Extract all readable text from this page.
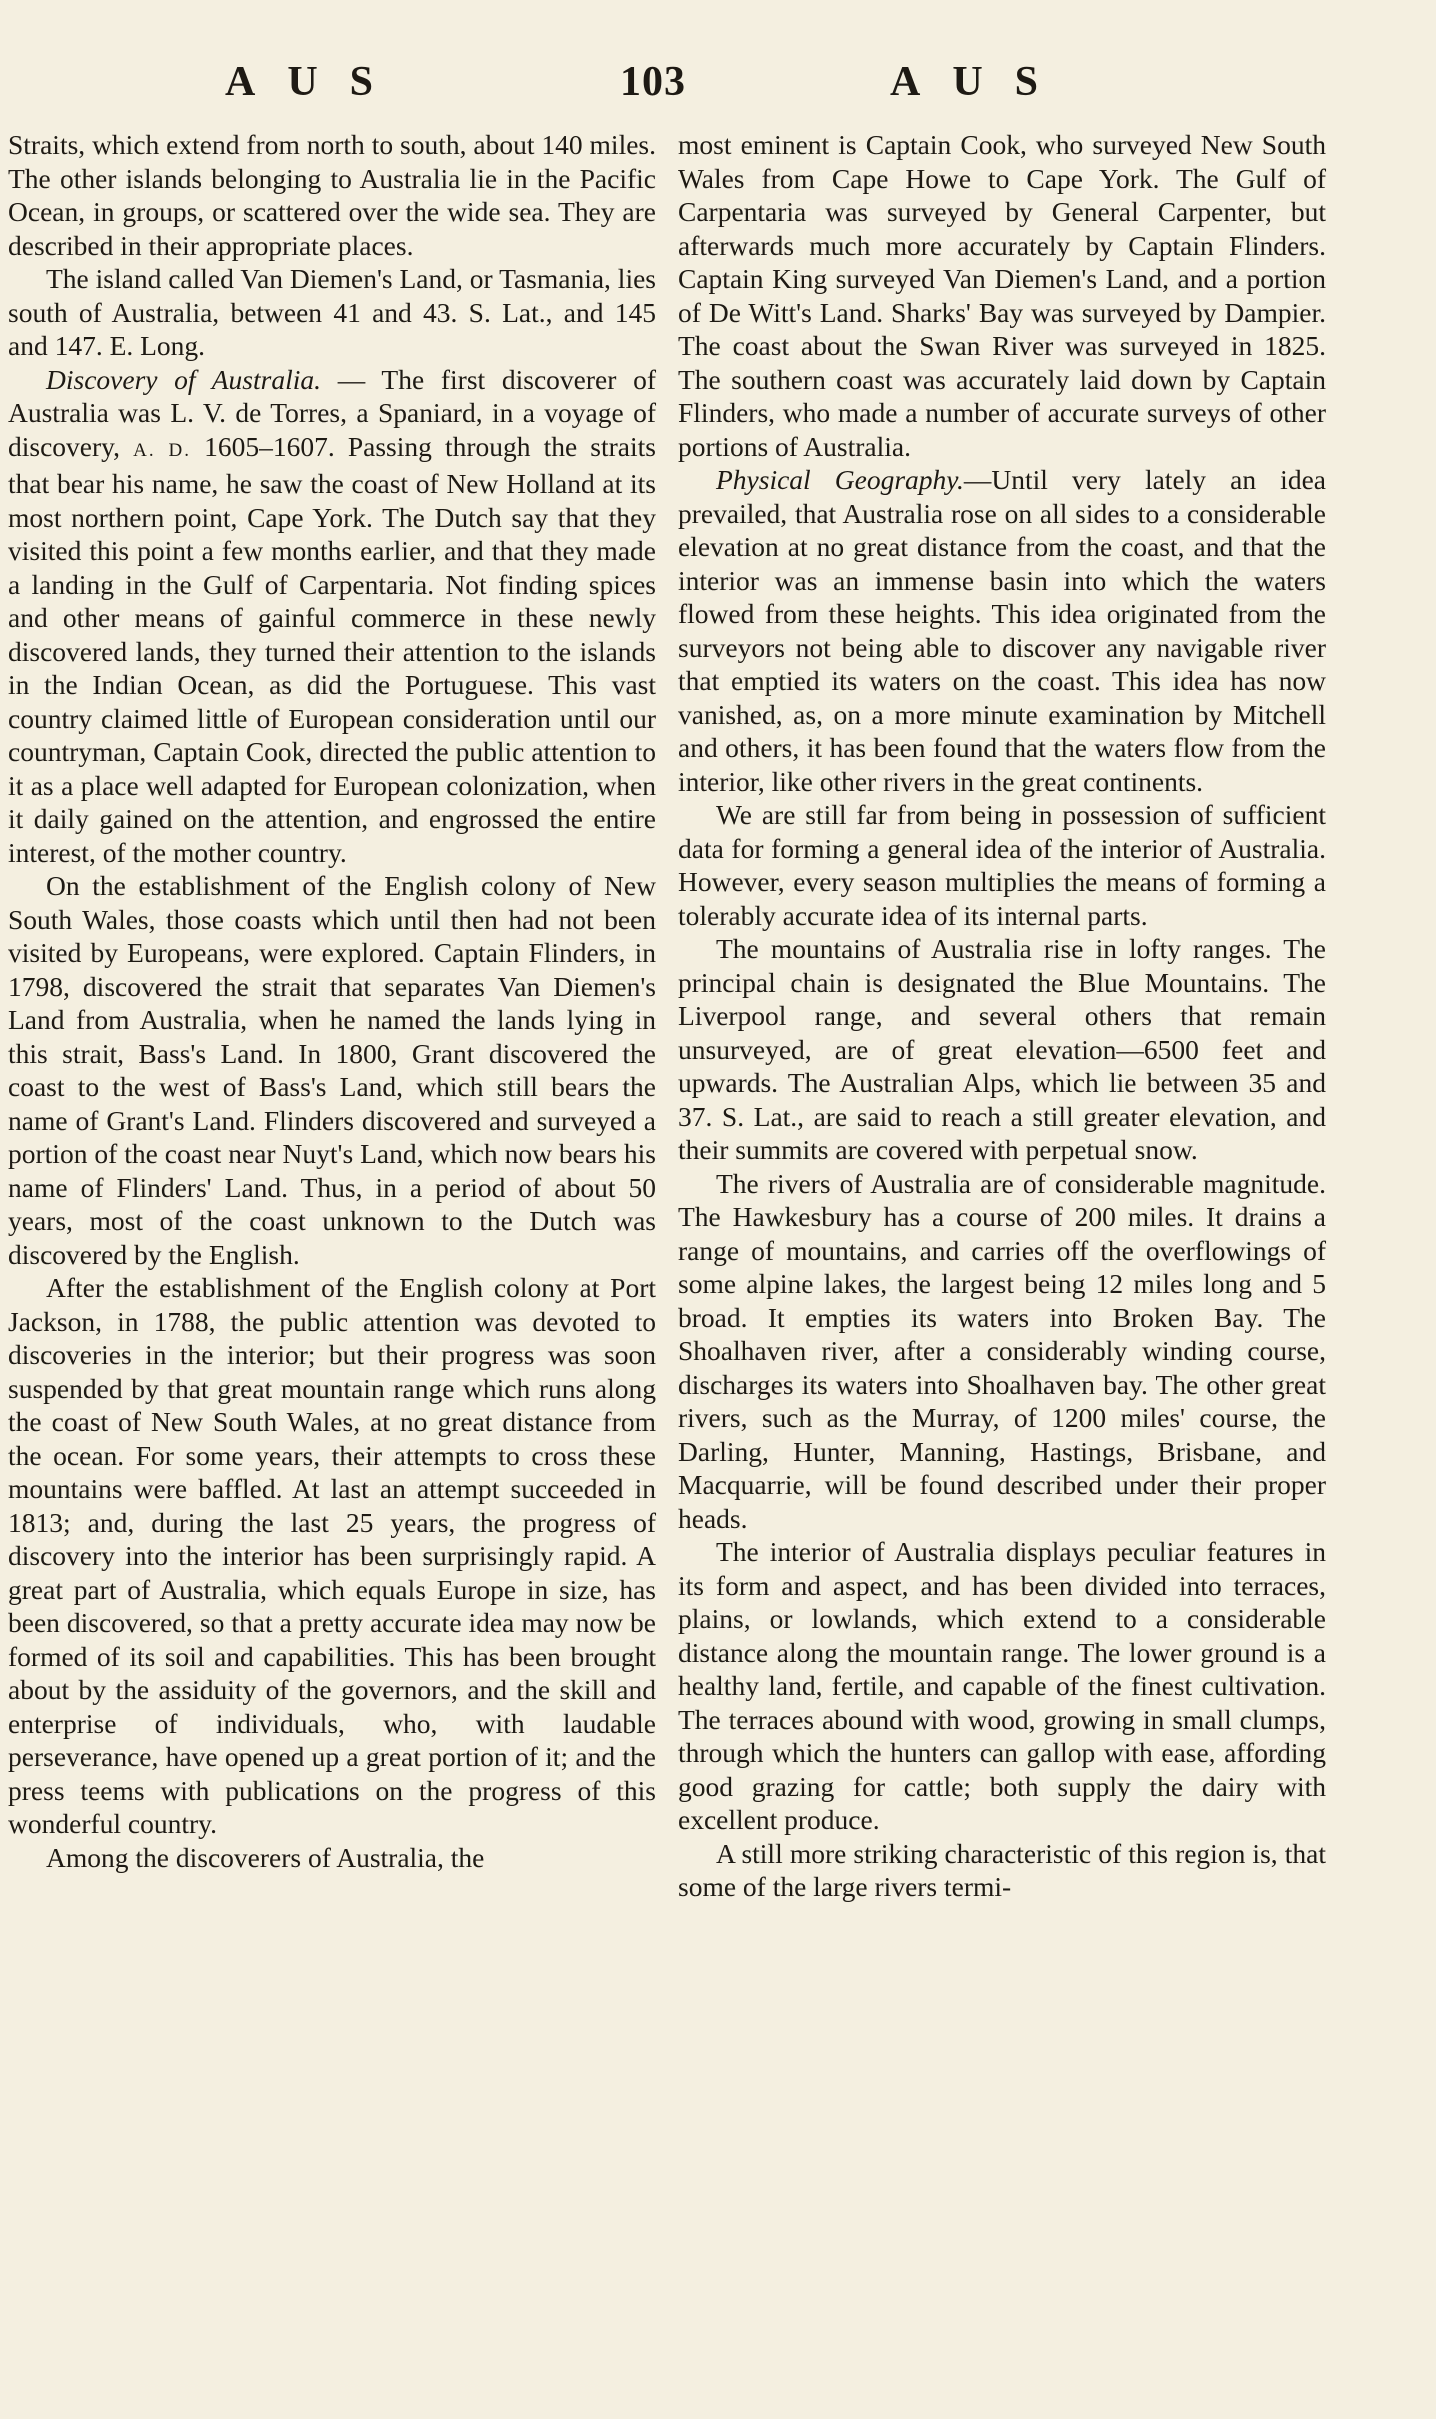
AUS	103	AUS

Straits, which extend from north to south, about 140 miles. The other islands belonging to Australia lie in the Pacific Ocean, in groups, or scattered over the wide sea. They are described in their appropriate places.

The island called Van Diemen's Land, or Tasmania, lies south of Australia, between 41 and 43. S. Lat., and 145 and 147. E. Long.

Discovery of Australia. — The first discoverer of Australia was L. V. de Torres, a Spaniard, in a voyage of discovery, A. D. 1605–1607. Passing through the straits that bear his name, he saw the coast of New Holland at its most northern point, Cape York. The Dutch say that they visited this point a few months earlier, and that they made a landing in the Gulf of Carpentaria. Not finding spices and other means of gainful commerce in these newly discovered lands, they turned their attention to the islands in the Indian Ocean, as did the Portuguese. This vast country claimed little of European consideration until our countryman, Captain Cook, directed the public attention to it as a place well adapted for European colonization, when it daily gained on the attention, and engrossed the entire interest, of the mother country.

On the establishment of the English colony of New South Wales, those coasts which until then had not been visited by Europeans, were explored. Captain Flinders, in 1798, discovered the strait that separates Van Diemen's Land from Australia, when he named the lands lying in this strait, Bass's Land. In 1800, Grant discovered the coast to the west of Bass's Land, which still bears the name of Grant's Land. Flinders discovered and surveyed a portion of the coast near Nuyt's Land, which now bears his name of Flinders' Land. Thus, in a period of about 50 years, most of the coast unknown to the Dutch was discovered by the English.

After the establishment of the English colony at Port Jackson, in 1788, the public attention was devoted to discoveries in the interior; but their progress was soon suspended by that great mountain range which runs along the coast of New South Wales, at no great distance from the ocean. For some years, their attempts to cross these mountains were baffled. At last an attempt succeeded in 1813; and, during the last 25 years, the progress of discovery into the interior has been surprisingly rapid. A great part of Australia, which equals Europe in size, has been discovered, so that a pretty accurate idea may now be formed of its soil and capabilities. This has been brought about by the assiduity of the governors, and the skill and enterprise of individuals, who, with laudable perseverance, have opened up a great portion of it; and the press teems with publications on the progress of this wonderful country.

Among the discoverers of Australia, the

most eminent is Captain Cook, who surveyed New South Wales from Cape Howe to Cape York. The Gulf of Carpentaria was surveyed by General Carpenter, but afterwards much more accurately by Captain Flinders. Captain King surveyed Van Diemen's Land, and a portion of De Witt's Land. Sharks' Bay was surveyed by Dampier. The coast about the Swan River was surveyed in 1825. The southern coast was accurately laid down by Captain Flinders, who made a number of accurate surveys of other portions of Australia.

Physical Geography.—Until very lately an idea prevailed, that Australia rose on all sides to a considerable elevation at no great distance from the coast, and that the interior was an immense basin into which the waters flowed from these heights. This idea originated from the surveyors not being able to discover any navigable river that emptied its waters on the coast. This idea has now vanished, as, on a more minute examination by Mitchell and others, it has been found that the waters flow from the interior, like other rivers in the great continents.

We are still far from being in possession of sufficient data for forming a general idea of the interior of Australia. However, every season multiplies the means of forming a tolerably accurate idea of its internal parts.

The mountains of Australia rise in lofty ranges. The principal chain is designated the Blue Mountains. The Liverpool range, and several others that remain unsurveyed, are of great elevation—6500 feet and upwards. The Australian Alps, which lie between 35 and 37. S. Lat., are said to reach a still greater elevation, and their summits are covered with perpetual snow.

The rivers of Australia are of considerable magnitude. The Hawkesbury has a course of 200 miles. It drains a range of mountains, and carries off the overflowings of some alpine lakes, the largest being 12 miles long and 5 broad. It empties its waters into Broken Bay. The Shoalhaven river, after a considerably winding course, discharges its waters into Shoalhaven bay. The other great rivers, such as the Murray, of 1200 miles' course, the Darling, Hunter, Manning, Hastings, Brisbane, and Macquarrie, will be found described under their proper heads.

The interior of Australia displays peculiar features in its form and aspect, and has been divided into terraces, plains, or lowlands, which extend to a considerable distance along the mountain range. The lower ground is a healthy land, fertile, and capable of the finest cultivation. The terraces abound with wood, growing in small clumps, through which the hunters can gallop with ease, affording good grazing for cattle; both supply the dairy with excellent produce.

A still more striking characteristic of this region is, that some of the large rivers termi-
